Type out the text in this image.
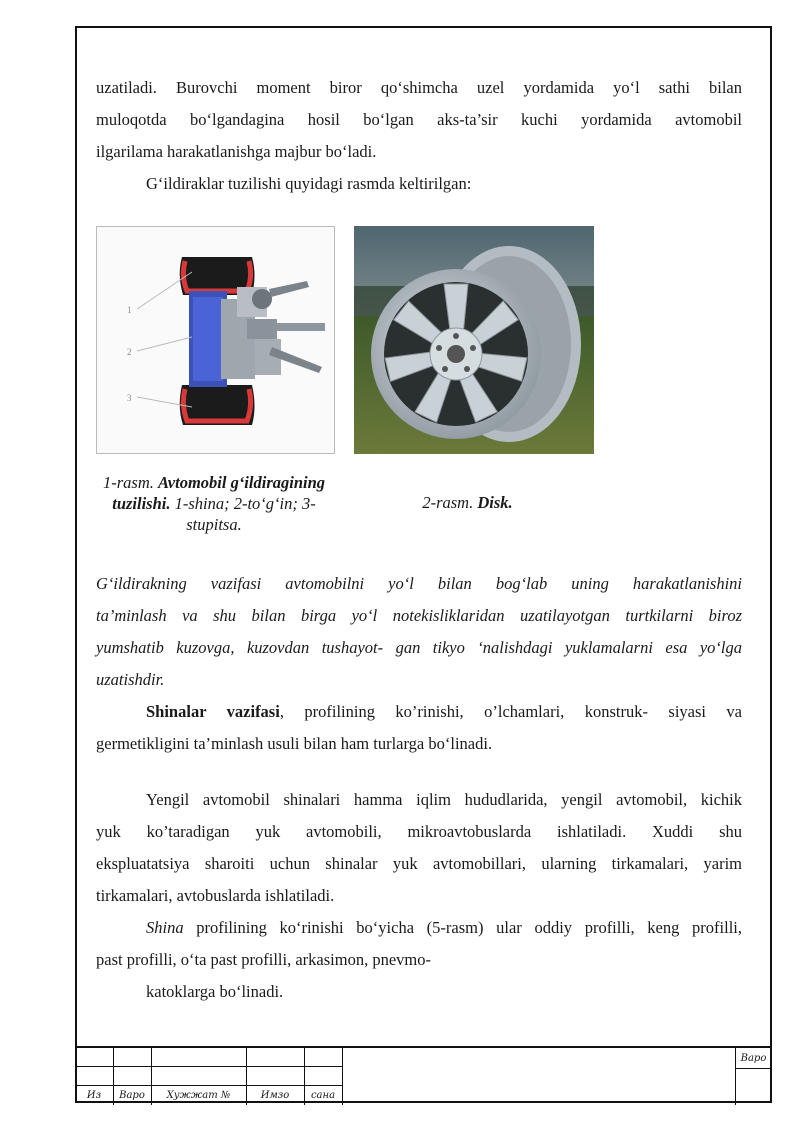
uzatiladi. Burovchi moment biror qo‘shimcha uzel yordamida yo‘l sathi bilan

muloqotda bo‘lgandagina hosil bo‘lgan aks-ta’sir kuchi yordamida avtomobil

ilgarilama harakatlanishga majbur bo‘ladi.

G‘ildiraklar tuzilishi quyidagi rasmda keltirilgan:

1
2
3
1-rasm. Avtomobil g‘ildiragining tuzilishi. 1-shina; 2-to‘g‘in; 3-stupitsa.
2-rasm. Disk.

G‘ildirakning vazifasi avtomobilni yo‘l bilan bog‘lab uning harakatlanishini

ta’minlash va shu bilan birga yo‘l notekisliklaridan uzatilayotgan turtkilarni biroz

yumshatib kuzovga, kuzovdan tushayot- gan tikyo ‘nalishdagi yuklamalarni esa yo‘lga

uzatishdir.

Shinalar vazifasi, profilining ko’rinishi, o’lchamlari, konstruk- siyasi va

germetikligini ta’minlash usuli bilan ham turlarga bo‘linadi.

Yengil avtomobil shinalari hamma iqlim hududlarida, yengil avtomobil, kichik

yuk ko’taradigan yuk avtomobili, mikroavtobuslarda ishlatiladi. Xuddi shu

ekspluatatsiya sharoiti uchun shinalar yuk avtomobillari, ularning tirkamalari, yarim

tirkamalari, avtobuslarda ishlatiladi.

Shina profilining ko‘rinishi bo‘yicha (5-rasm) ular oddiy profilli, keng profilli,

past profilli, o‘ta past profilli, arkasimon, pnevmo-

katoklarga bo‘linadi.

Из	Варо	Хужжат №	Имзо	сана
Варо
